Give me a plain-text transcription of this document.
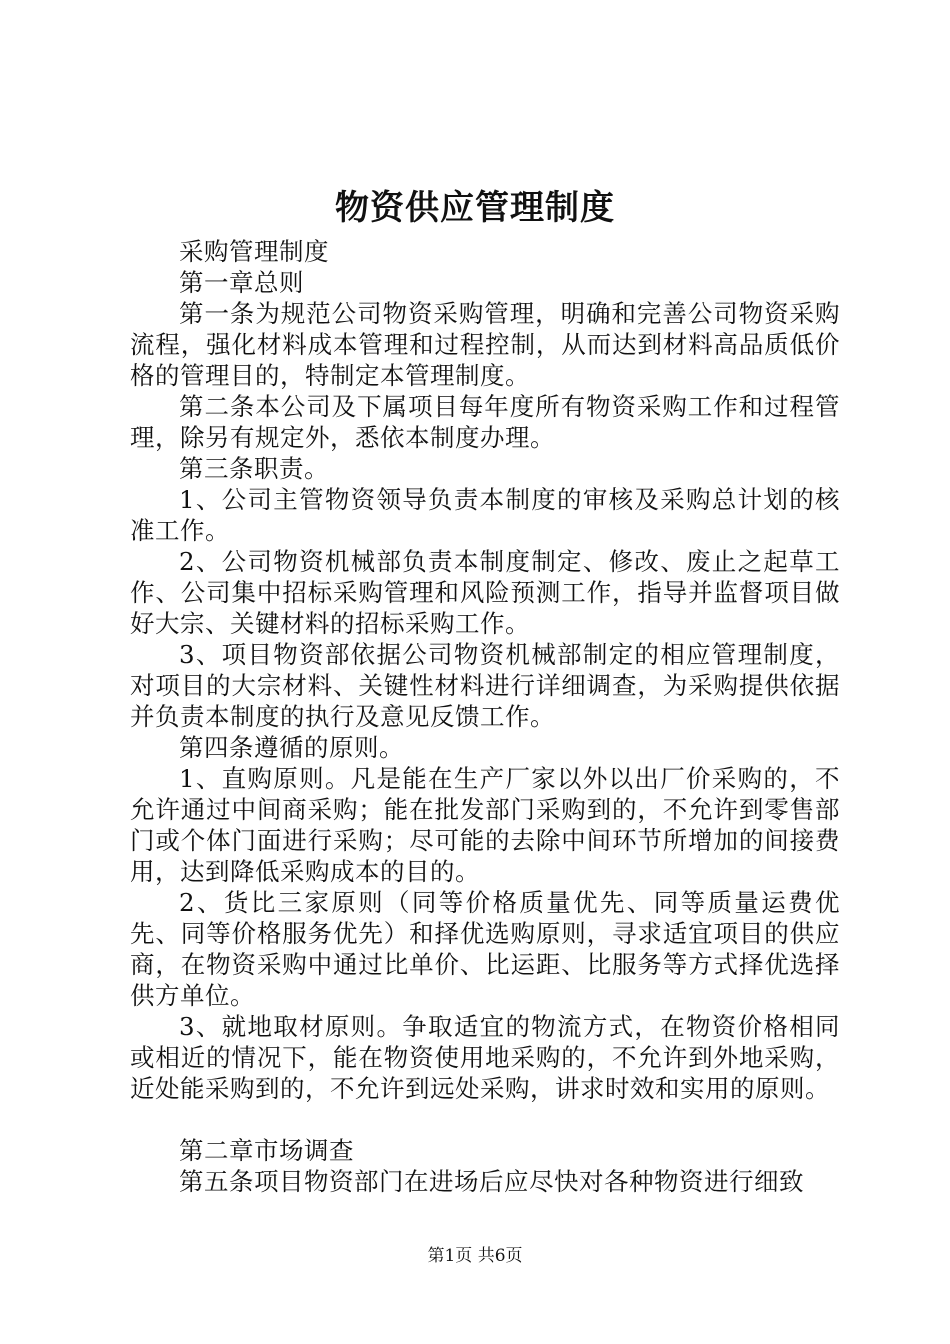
物资供应管理制度

采购管理制度

第一章总则

第一条为规范公司物资采购管理，明确和完善公司物资采购流程，强化材料成本管理和过程控制，从而达到材料高品质低价格的管理目的，特制定本管理制度。

第二条本公司及下属项目每年度所有物资采购工作和过程管理，除另有规定外，悉依本制度办理。

第三条职责。

1、公司主管物资领导负责本制度的审核及采购总计划的核准工作。

2、公司物资机械部负责本制度制定、修改、废止之起草工作、公司集中招标采购管理和风险预测工作，指导并监督项目做好大宗、关键材料的招标采购工作。

3、项目物资部依据公司物资机械部制定的相应管理制度，对项目的大宗材料、关键性材料进行详细调查，为采购提供依据并负责本制度的执行及意见反馈工作。

第四条遵循的原则。

1、直购原则。凡是能在生产厂家以外以出厂价采购的，不允许通过中间商采购；能在批发部门采购到的，不允许到零售部门或个体门面进行采购；尽可能的去除中间环节所增加的间接费用，达到降低采购成本的目的。

2、货比三家原则（同等价格质量优先、同等质量运费优先、同等价格服务优先）和择优选购原则，寻求适宜项目的供应商，在物资采购中通过比单价、比运距、比服务等方式择优选择供方单位。

3、就地取材原则。争取适宜的物流方式，在物资价格相同或相近的情况下，能在物资使用地采购的，不允许到外地采购，近处能采购到的，不允许到远处采购，讲求时效和实用的原则。

第二章市场调查

第五条项目物资部门在进场后应尽快对各种物资进行细致

第1页 共6页
